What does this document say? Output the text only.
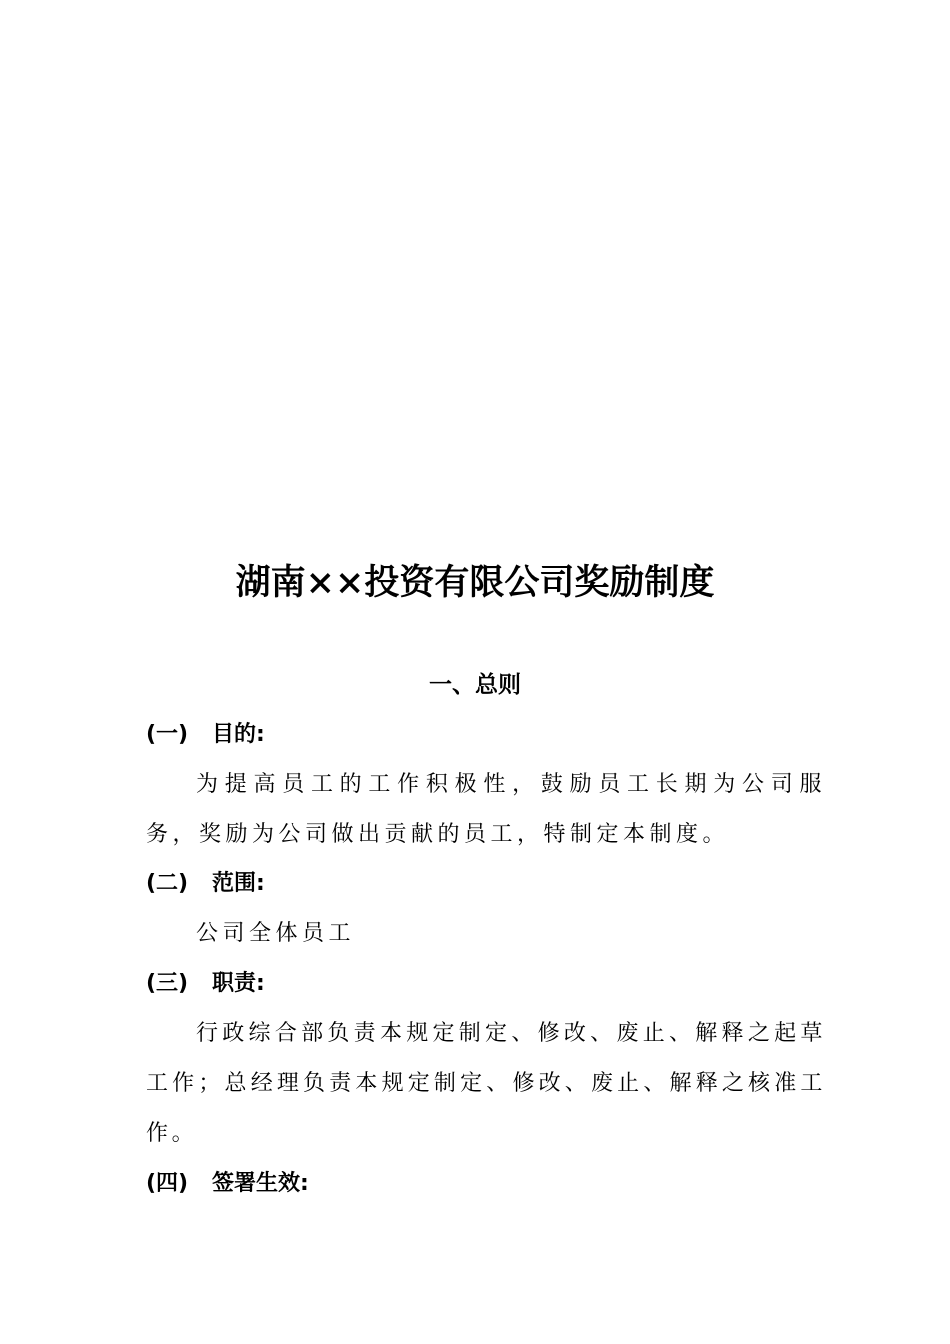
湖南××投资有限公司奖励制度
一、总则
(一) 目的:

为提高员工的工作积极性，鼓励员工长期为公司服务，奖励为公司做出贡献的员工，特制定本制度。

(二) 范围:

公司全体员工

(三) 职责:

行政综合部负责本规定制定、修改、废止、解释之起草工作；总经理负责本规定制定、修改、废止、解释之核准工作。

(四) 签署生效:
